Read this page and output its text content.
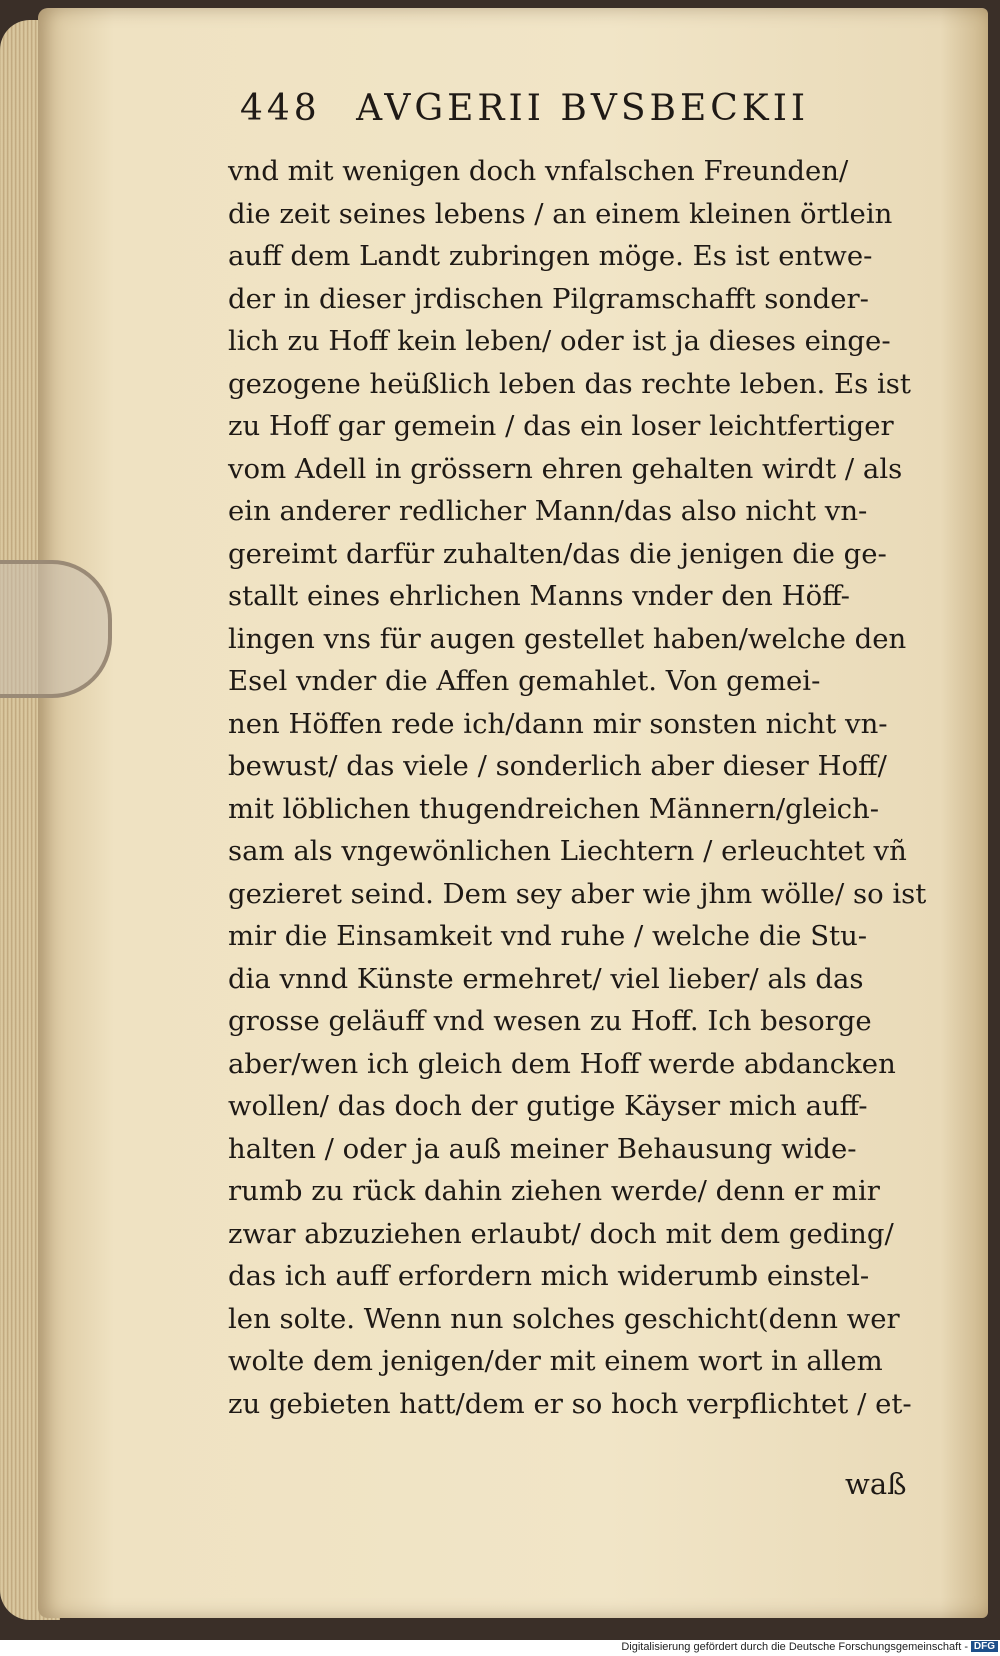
448 AVGERII BVSBECKII
vnd mit wenigen doch vnfalschen Freunden/
die zeit seines lebens / an einem kleinen örtlein
auff dem Landt zubringen möge. Es ist entwe-
der in dieser jrdischen Pilgramschafft sonder-
lich zu Hoff kein leben/ oder ist ja dieses einge-
gezogene heüßlich leben das rechte leben. Es ist
zu Hoff gar gemein / das ein loser leichtfertiger
vom Adell in grössern ehren gehalten wirdt / als
ein anderer redlicher Mann/das also nicht vn-
gereimt darfür zuhalten/das die jenigen die ge-
stallt eines ehrlichen Manns vnder den Höff-
lingen vns für augen gestellet haben/welche den
Esel vnder die Affen gemahlet. Von gemei-
nen Höffen rede ich/dann mir sonsten nicht vn-
bewust/ das viele / sonderlich aber dieser Hoff/
mit löblichen thugendreichen Männern/gleich-
sam als vngewönlichen Liechtern / erleuchtet vñ
gezieret seind. Dem sey aber wie jhm wölle/ so ist
mir die Einsamkeit vnd ruhe / welche die Stu-
dia vnnd Künste ermehret/ viel lieber/ als das
grosse geläuff vnd wesen zu Hoff. Ich besorge
aber/wen ich gleich dem Hoff werde abdancken
wollen/ das doch der gutige Käyser mich auff-
halten / oder ja auß meiner Behausung wide-
rumb zu rück dahin ziehen werde/ denn er mir
zwar abzuziehen erlaubt/ doch mit dem geding/
das ich auff erfordern mich widerumb einstel-
len solte. Wenn nun solches geschicht(denn wer
wolte dem jenigen/der mit einem wort in allem
zu gebieten hatt/dem er so hoch verpflichtet / et-
waß
Digitalisierung gefördert durch die Deutsche Forschungsgemeinschaft - DFG
